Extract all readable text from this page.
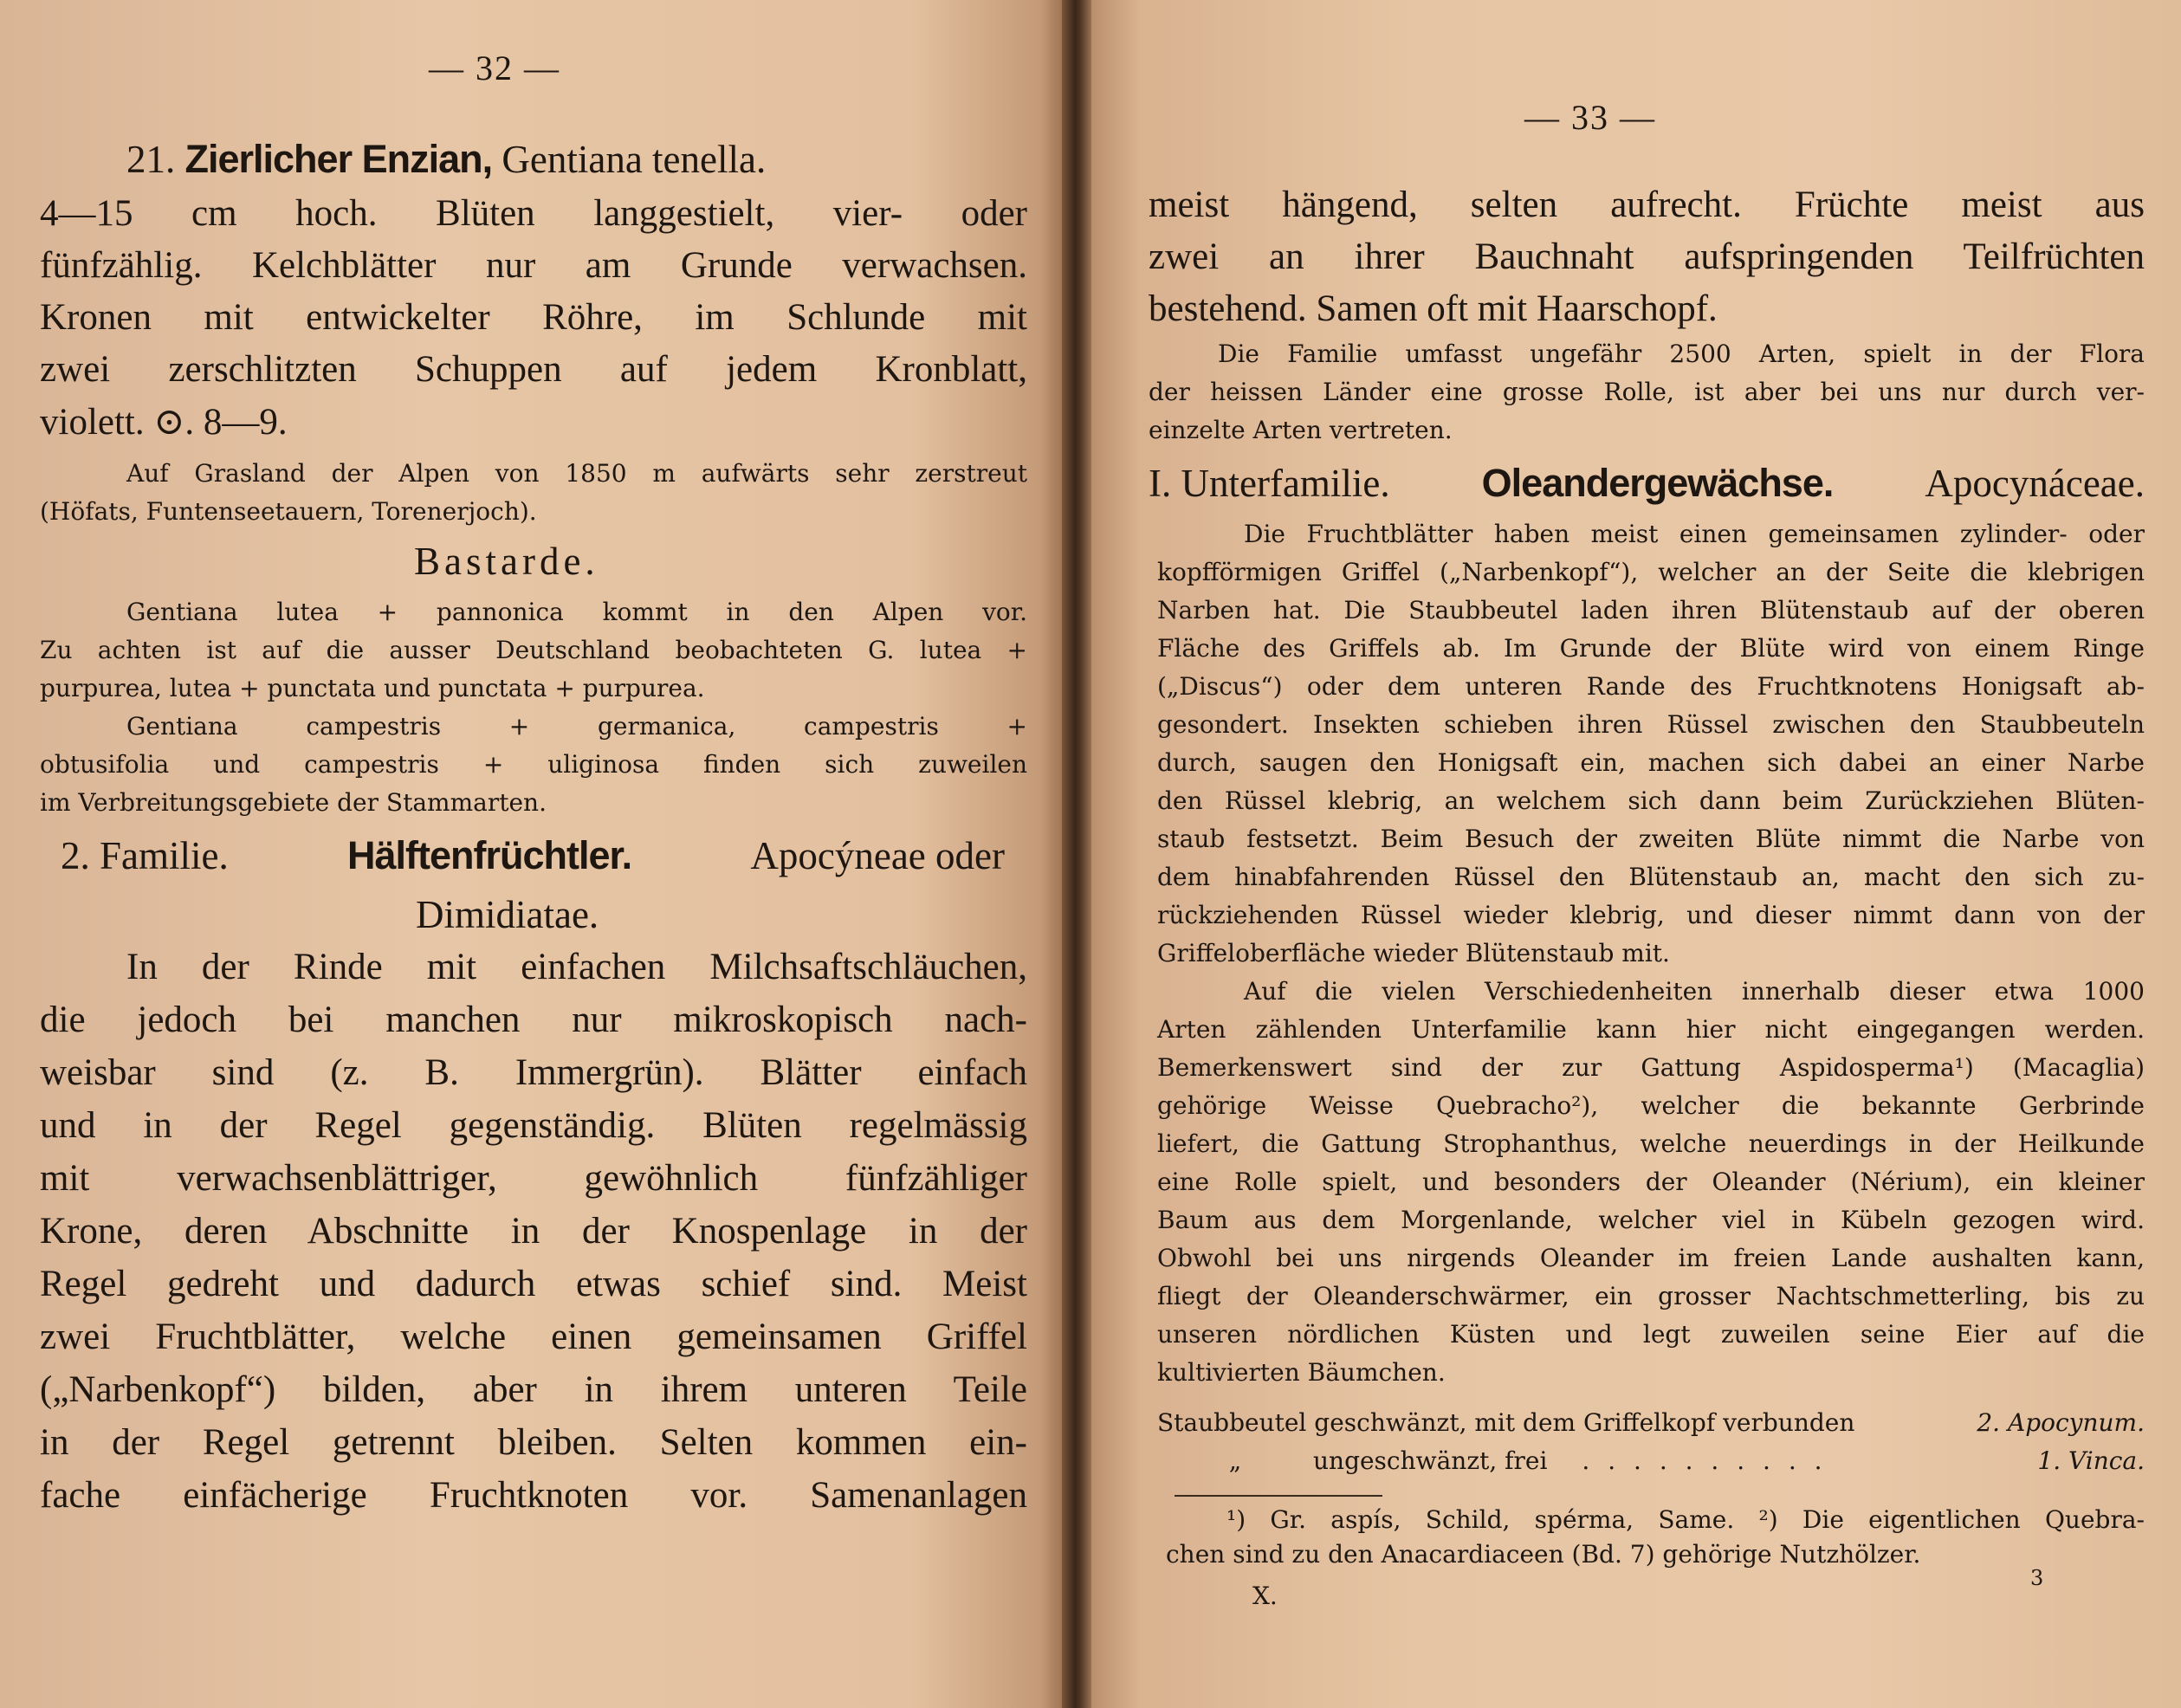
— 32 —
21. Zierlicher Enzian, Gentiana tenella.
4—15 cm hoch. Blüten langgestielt, vier- oder
fünfzählig. Kelchblätter nur am Grunde verwachsen.
Kronen mit entwickelter Röhre, im Schlunde mit
zwei zerschlitzten Schuppen auf jedem Kronblatt,
violett. ⊙. 8—9.
Auf Grasland der Alpen von 1850 m aufwärts sehr zerstreut
(Höfats, Funtenseetauern, Torenerjoch).
Bastarde.
Gentiana lutea + pannonica kommt in den Alpen vor.
Zu achten ist auf die ausser Deutschland beobachteten G. lutea +
purpurea, lutea + punctata und punctata + purpurea.
Gentiana campestris + germanica, campestris +
obtusifolia und campestris + uliginosa finden sich zuweilen
im Verbreitungsgebiete der Stammarten.
2. Familie.	Hälftenfrüchtler.	Apocýneae oder
Dimidiatae.
In der Rinde mit einfachen Milchsaftschläuchen,
die jedoch bei manchen nur mikroskopisch nach-
weisbar sind (z. B. Immergrün). Blätter einfach
und in der Regel gegenständig. Blüten regelmässig
mit verwachsenblättriger, gewöhnlich fünfzähliger
Krone, deren Abschnitte in der Knospenlage in der
Regel gedreht und dadurch etwas schief sind. Meist
zwei Fruchtblätter, welche einen gemeinsamen Griffel
(„Narbenkopf“) bilden, aber in ihrem unteren Teile
in der Regel getrennt bleiben. Selten kommen ein-
fache einfächerige Fruchtknoten vor. Samenanlagen
— 33 —
meist hängend, selten aufrecht. Früchte meist aus
zwei an ihrer Bauchnaht aufspringenden Teilfrüchten
bestehend. Samen oft mit Haarschopf.
Die Familie umfasst ungefähr 2500 Arten, spielt in der Flora
der heissen Länder eine grosse Rolle, ist aber bei uns nur durch ver-
einzelte Arten vertreten.
I. Unterfamilie. Oleandergewächse. Apocynáceae.
Die Fruchtblätter haben meist einen gemeinsamen zylinder- oder
kopfförmigen Griffel („Narbenkopf“), welcher an der Seite die klebrigen
Narben hat. Die Staubbeutel laden ihren Blütenstaub auf der oberen
Fläche des Griffels ab. Im Grunde der Blüte wird von einem Ringe
(„Discus“) oder dem unteren Rande des Fruchtknotens Honigsaft ab-
gesondert. Insekten schieben ihren Rüssel zwischen den Staubbeuteln
durch, saugen den Honigsaft ein, machen sich dabei an einer Narbe
den Rüssel klebrig, an welchem sich dann beim Zurückziehen Blüten-
staub festsetzt. Beim Besuch der zweiten Blüte nimmt die Narbe von
dem hinabfahrenden Rüssel den Blütenstaub an, macht den sich zu-
rückziehenden Rüssel wieder klebrig, und dieser nimmt dann von der
Griffeloberfläche wieder Blütenstaub mit.
Auf die vielen Verschiedenheiten innerhalb dieser etwa 1000
Arten zählenden Unterfamilie kann hier nicht eingegangen werden.
Bemerkenswert sind der zur Gattung Aspidosperma¹) (Macaglia)
gehörige Weisse Quebracho²), welcher die bekannte Gerbrinde
liefert, die Gattung Strophanthus, welche neuerdings in der Heilkunde
eine Rolle spielt, und besonders der Oleander (Nérium), ein kleiner
Baum aus dem Morgenlande, welcher viel in Kübeln gezogen wird.
Obwohl bei uns nirgends Oleander im freien Lande aushalten kann,
fliegt der Oleanderschwärmer, ein grosser Nachtschmetterling, bis zu
unseren nördlichen Küsten und legt zuweilen seine Eier auf die
kultivierten Bäumchen.
Staubbeutel geschwänzt, mit dem Griffelkopf verbunden	2. Apocynum.
„	ungeschwänzt, frei . . . . . . . . . .	1. Vinca.
¹) Gr. aspís, Schild, spérma, Same. ²) Die eigentlichen Quebra-
chen sind zu den Anacardiaceen (Bd. 7) gehörige Nutzhölzer.
X.
3
